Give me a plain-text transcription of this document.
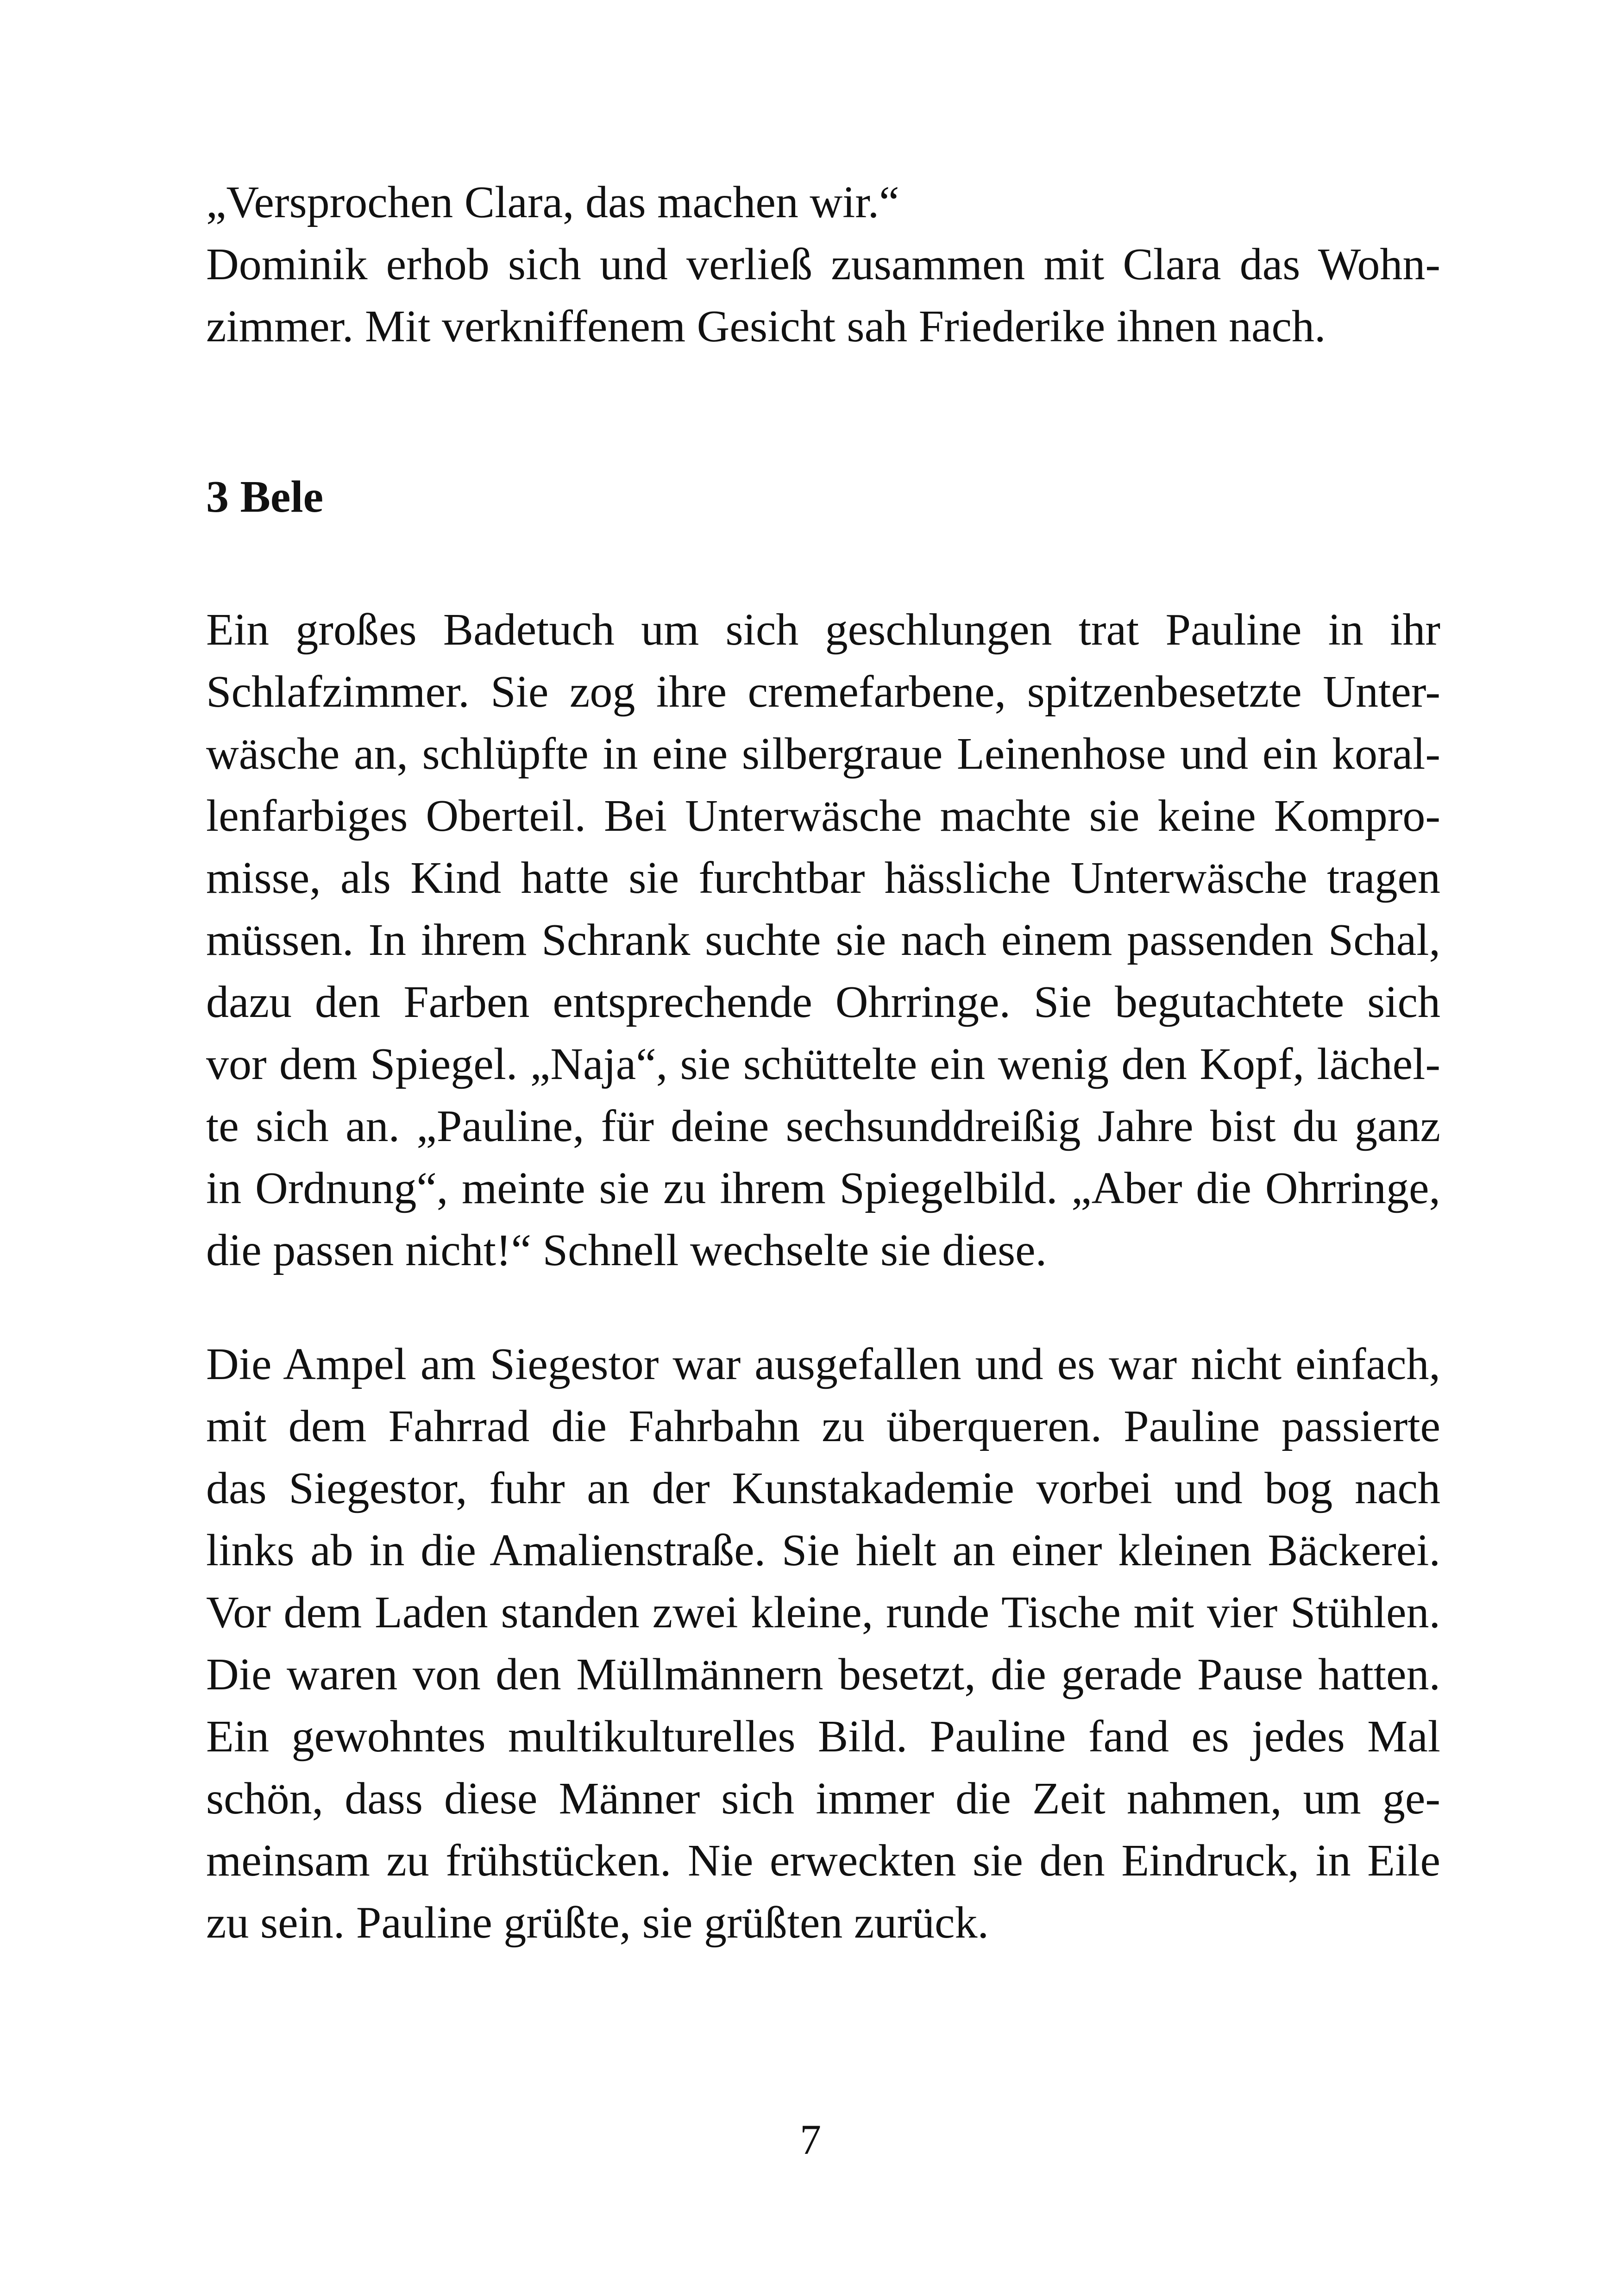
„Versprochen Clara, das machen wir.“
Dominik erhob sich und verließ zusammen mit Clara das Wohn-
zimmer. Mit verkniffenem Gesicht sah Friederike ihnen nach.
Ein großes Badetuch um sich geschlungen trat Pauline in ihr
Schlafzimmer. Sie zog ihre cremefarbene, spitzenbesetzte Unter-
wäsche an, schlüpfte in eine silbergraue Leinenhose und ein koral-
lenfarbiges Oberteil. Bei Unterwäsche machte sie keine Kompro-
misse, als Kind hatte sie furchtbar hässliche Unterwäsche tragen
müssen. In ihrem Schrank suchte sie nach einem passenden Schal,
dazu den Farben entsprechende Ohrringe. Sie begutachtete sich
vor dem Spiegel. „Naja“, sie schüttelte ein wenig den Kopf, lächel-
te sich an. „Pauline, für deine sechsunddreißig Jahre bist du ganz
in Ordnung“, meinte sie zu ihrem Spiegelbild. „Aber die Ohrringe,
die passen nicht!“ Schnell wechselte sie diese.
Die Ampel am Siegestor war ausgefallen und es war nicht einfach,
mit dem Fahrrad die Fahrbahn zu überqueren. Pauline passierte
das Siegestor, fuhr an der Kunstakademie vorbei und bog nach
links ab in die Amalienstraße. Sie hielt an einer kleinen Bäckerei.
Vor dem Laden standen zwei kleine, runde Tische mit vier Stühlen.
Die waren von den Müllmännern besetzt, die gerade Pause hatten.
Ein gewohntes multikulturelles Bild. Pauline fand es jedes Mal
schön, dass diese Männer sich immer die Zeit nahmen, um ge-
meinsam zu frühstücken. Nie erweckten sie den Eindruck, in Eile
zu sein. Pauline grüßte, sie grüßten zurück.
3 Bele
7
